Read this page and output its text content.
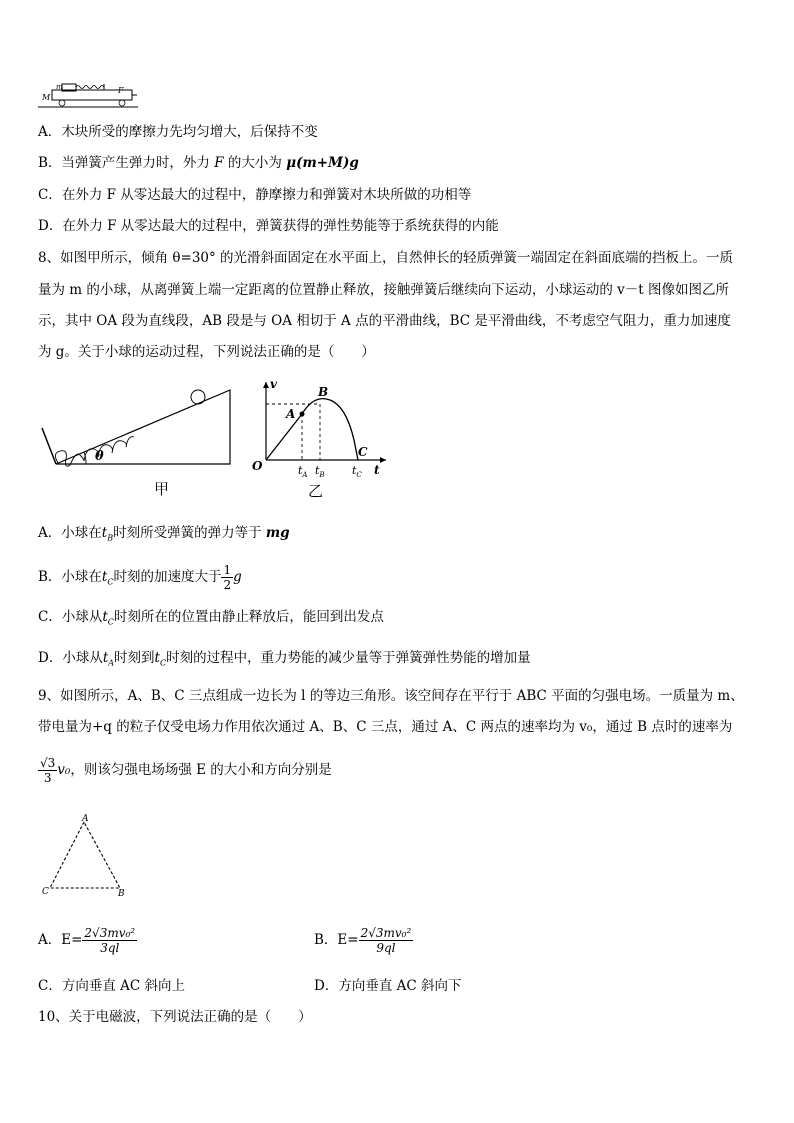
m
M
F
A．木块所受的摩擦力先均匀增大，后保持不变
B．当弹簧产生弹力时，外力 F 的大小为 μ(m+M)g
C．在外力 F 从零达最大的过程中，静摩擦力和弹簧对木块所做的功相等
D．在外力 F 从零达最大的过程中，弹簧获得的弹性势能等于系统获得的内能
8、如图甲所示，倾角 θ=30° 的光滑斜面固定在水平面上，自然伸长的轻质弹簧一端固定在斜面底端的挡板上。一质
量为 m 的小球，从离弹簧上端一定距离的位置静止释放，接触弹簧后继续向下运动，小球运动的 v－t 图像如图乙所
示，其中 OA 段为直线段，AB 段是与 OA 相切于 A 点的平滑曲线，BC 是平滑曲线，不考虑空气阻力，重力加速度
为 g。关于小球的运动过程，下列说法正确的是（　　）
θ
甲
v
t
O
A
B
C
$t_A$ $t_B$ $t_C$
乙
A．小球在$t_B$时刻所受弹簧的弹力等于 mg
B．小球在$t_C$时刻的加速度大于 $\frac{1}{2}$ g
C．小球从$t_C$时刻所在的位置由静止释放后，能回到出发点
D．小球从$t_A$时刻到$t_C$时刻的过程中，重力势能的减少量等于弹簧弹性势能的增加量
9、如图所示，A、B、C 三点组成一边长为 l 的等边三角形。该空间存在平行于 ABC 平面的匀强电场。一质量为 m、
带电量为+q 的粒子仅受电场力作用依次通过 A、B、C 三点，通过 A、C 两点的速率均为 v₀，通过 B 点时的速率为
$\frac{√3}{3} v_0$，则该匀强电场场强 E 的大小和方向分别是
A
C	B
A．$E= \frac{\text{2√3mv₀²}}{3ql}$	B．$E= \frac{\text{2√3mv₀²}}{9ql}$
C．方向垂直 AC 斜向上	D．方向垂直 AC 斜向下
10、关于电磁波，下列说法正确的是（　　）
